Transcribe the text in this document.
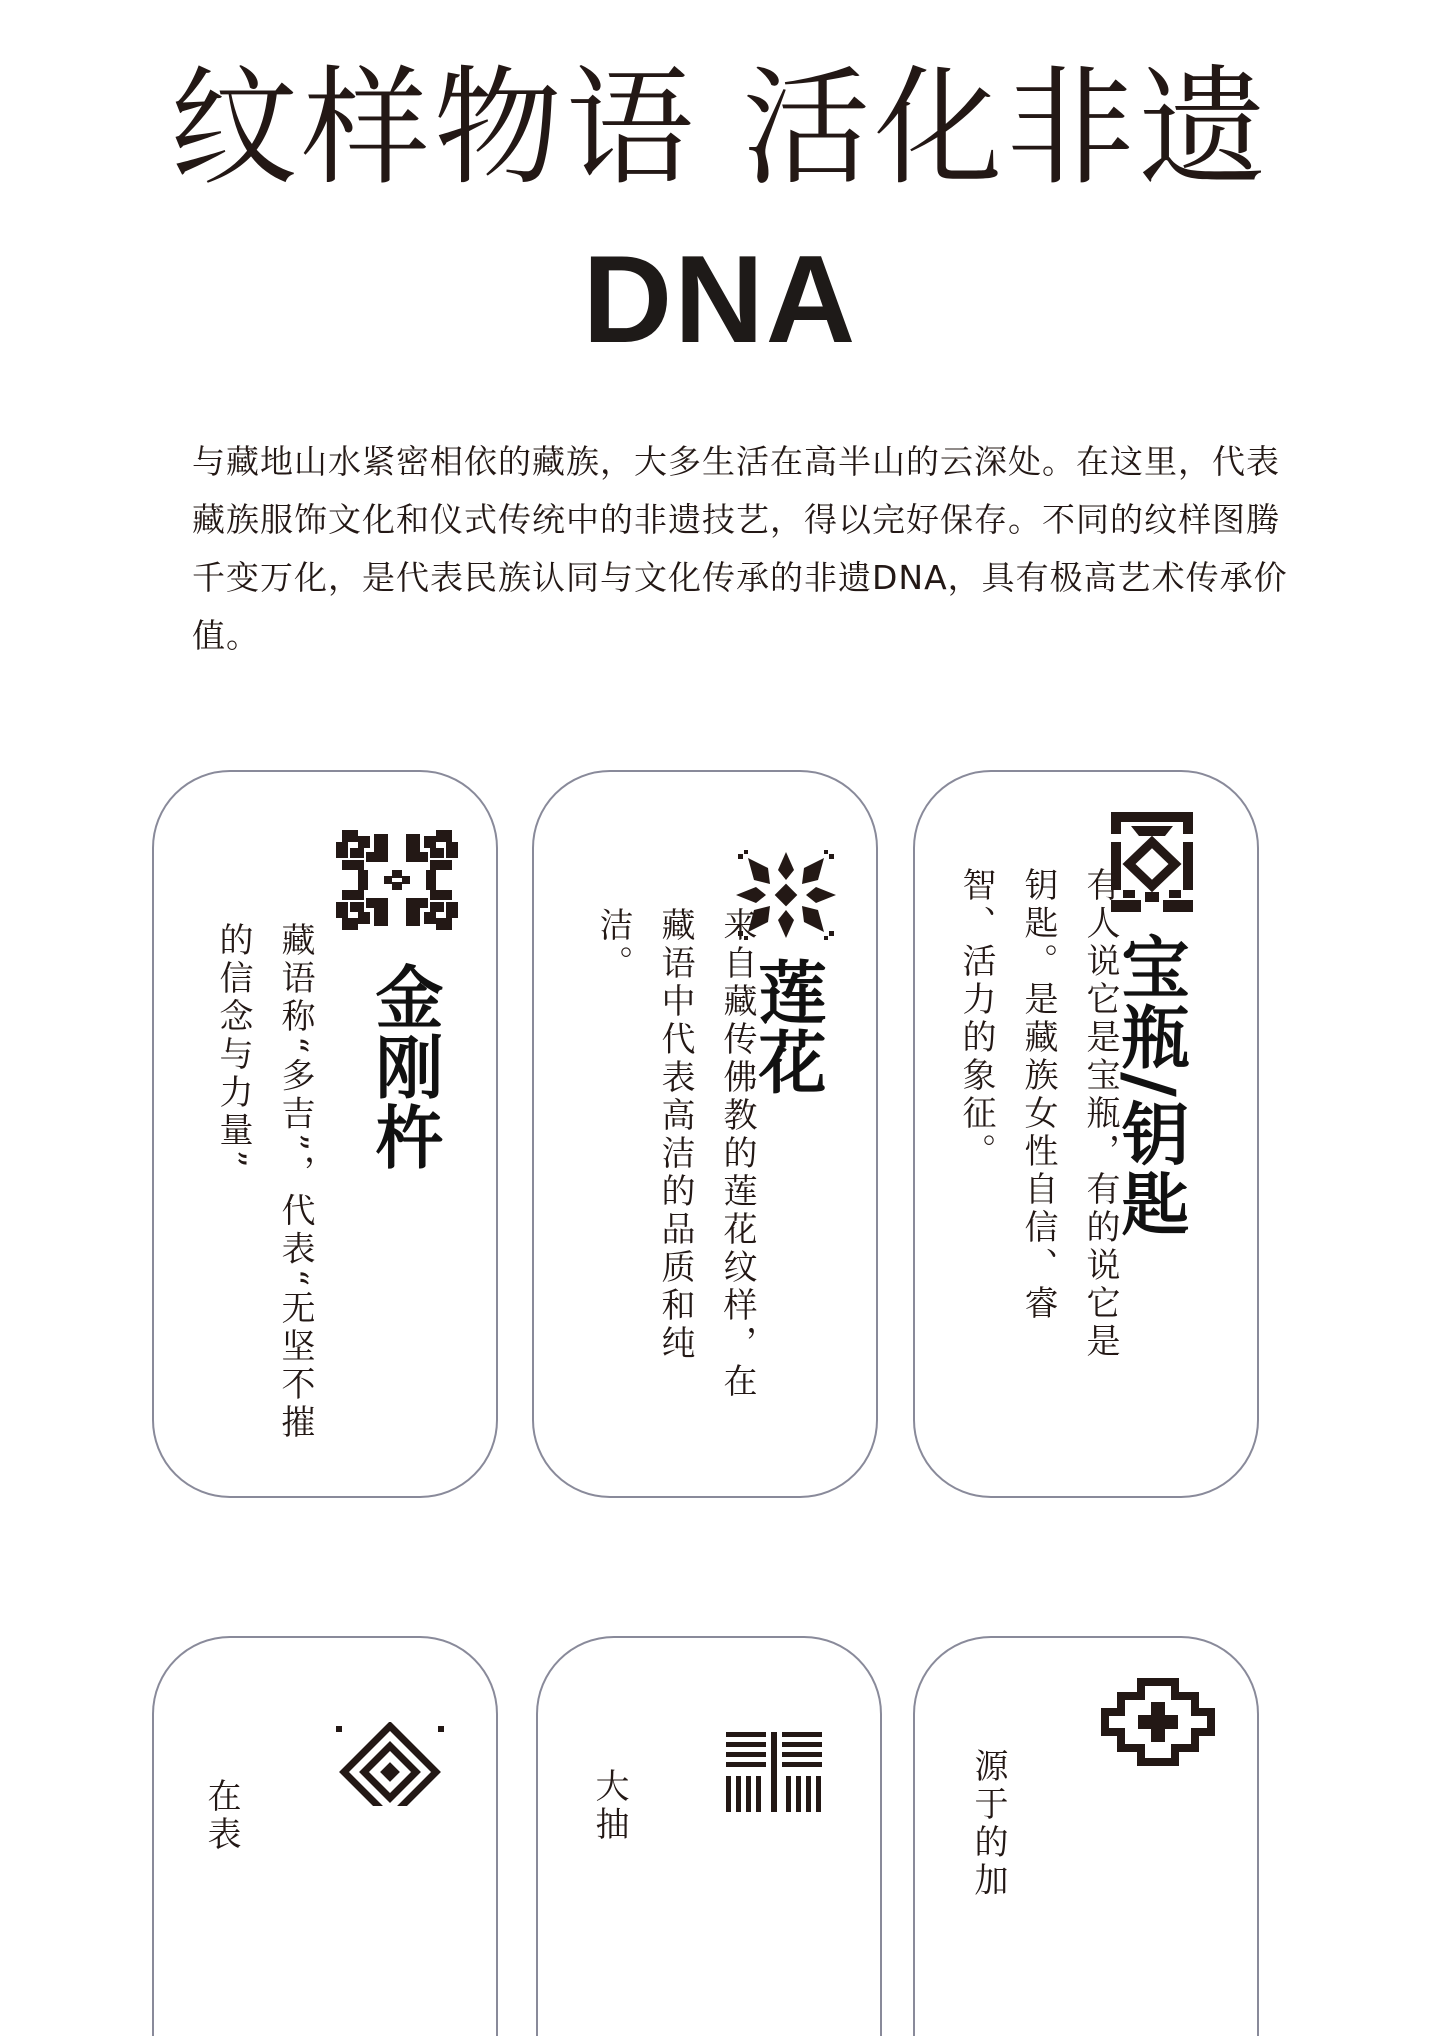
纹样物语 活化非遗
DNA
与藏地山水紧密相依的藏族，大多生活在高半山的云深处。在这里，代表藏族服饰文化和仪式传统中的非遗技艺，得以完好保存。不同的纹样图腾千变万化，是代表民族认同与文化传承的非遗DNA，具有极高艺术传承价值。
金刚杵
藏语称“多吉”，代表“无坚不摧的信念与力量”	莲花
来自藏传佛教的莲花纹样，在藏语中代表高洁的品质和纯洁。	宝瓶/钥匙
有人说它是宝瓶，有的说它是钥匙。是藏族女性自信、睿智、活力的象征。
在表	大抽	源于的加
